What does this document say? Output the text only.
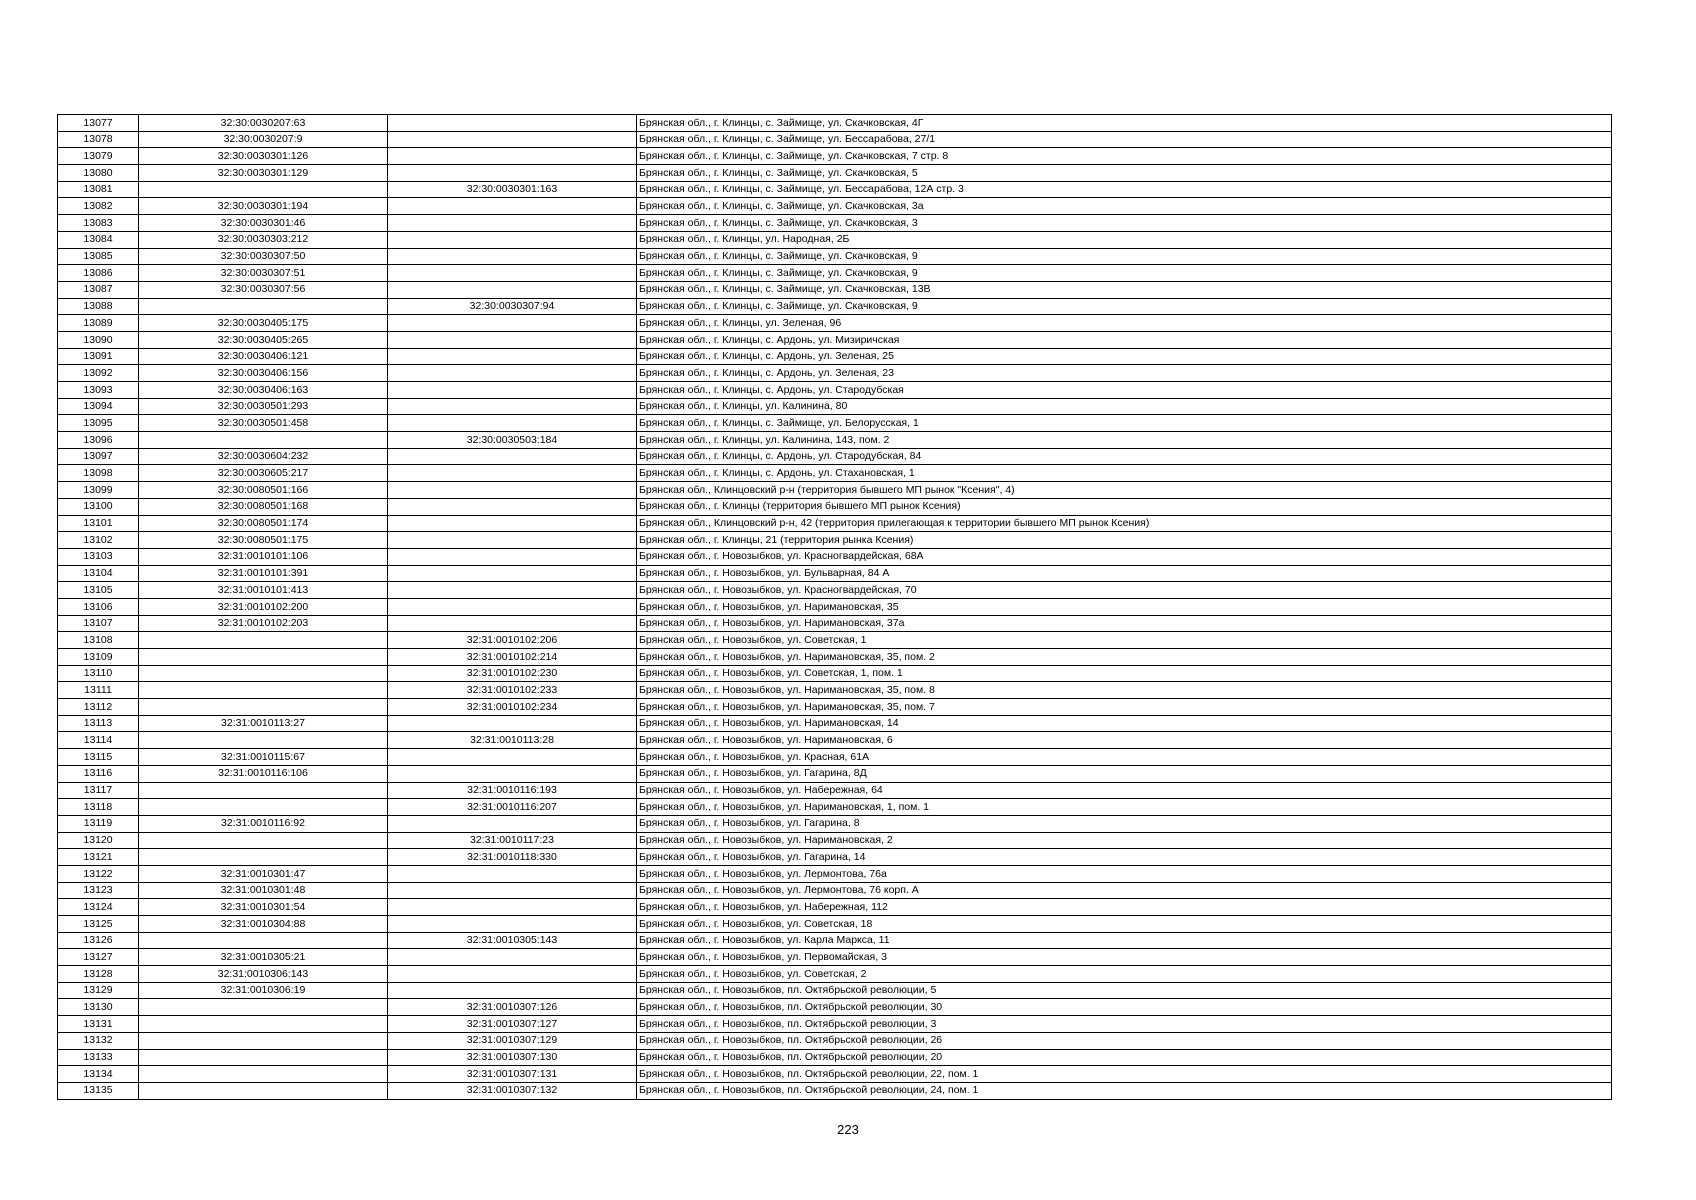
13077	32:30:0030207:63		Брянская обл., г. Клинцы, с. Займище, ул. Скачковская, 4Г
13078	32:30:0030207:9		Брянская обл., г. Клинцы, с. Займище, ул. Бессарабова, 27/1
13079	32:30:0030301:126		Брянская обл., г. Клинцы, с. Займище, ул. Скачковская, 7 стр. 8
13080	32:30:0030301:129		Брянская обл., г. Клинцы, с. Займище, ул. Скачковская, 5
13081		32:30:0030301:163	Брянская обл., г. Клинцы, с. Займище, ул. Бессарабова, 12А стр. 3
13082	32:30:0030301:194		Брянская обл., г. Клинцы, с. Займище, ул. Скачковская, 3а
13083	32:30:0030301:46		Брянская обл., г. Клинцы, с. Займище, ул. Скачковская, 3
13084	32:30:0030303:212		Брянская обл., г. Клинцы, ул. Народная, 2Б
13085	32:30:0030307:50		Брянская обл., г. Клинцы, с. Займище, ул. Скачковская, 9
13086	32:30:0030307:51		Брянская обл., г. Клинцы, с. Займище, ул. Скачковская, 9
13087	32:30:0030307:56		Брянская обл., г. Клинцы, с. Займище, ул. Скачковская, 13В
13088		32:30:0030307:94	Брянская обл., г. Клинцы, с. Займище, ул. Скачковская, 9
13089	32:30:0030405:175		Брянская обл., г. Клинцы, ул. Зеленая, 96
13090	32:30:0030405:265		Брянская обл., г. Клинцы, с. Ардонь, ул. Мизиричская
13091	32:30:0030406:121		Брянская обл., г. Клинцы, с. Ардонь, ул. Зеленая, 25
13092	32:30:0030406:156		Брянская обл., г. Клинцы, с. Ардонь, ул. Зеленая, 23
13093	32:30:0030406:163		Брянская обл., г. Клинцы, с. Ардонь, ул. Стародубская
13094	32:30:0030501:293		Брянская обл., г. Клинцы, ул. Калинина, 80
13095	32:30:0030501:458		Брянская обл., г. Клинцы, с. Займище, ул. Белорусская, 1
13096		32:30:0030503:184	Брянская обл., г. Клинцы, ул. Калинина, 143, пом. 2
13097	32:30:0030604:232		Брянская обл., г. Клинцы, с. Ардонь, ул. Стародубская, 84
13098	32:30:0030605:217		Брянская обл., г. Клинцы, с. Ардонь, ул. Стахановская, 1
13099	32:30:0080501:166		Брянская обл., Клинцовский р-н (территория бывшего МП рынок "Ксения", 4)
13100	32:30:0080501:168		Брянская обл., г. Клинцы (территория бывшего МП рынок Ксения)
13101	32:30:0080501:174		Брянская обл., Клинцовский р-н, 42 (территория прилегающая к территории бывшего МП рынок Ксения)
13102	32:30:0080501:175		Брянская обл., г. Клинцы, 21 (территория рынка Ксения)
13103	32:31:0010101:106		Брянская обл., г. Новозыбков, ул. Красногвардейская, 68А
13104	32:31:0010101:391		Брянская обл., г. Новозыбков, ул. Бульварная, 84 А
13105	32:31:0010101:413		Брянская обл., г. Новозыбков, ул. Красногвардейская, 70
13106	32:31:0010102:200		Брянская обл., г. Новозыбков, ул. Наримановская, 35
13107	32:31:0010102:203		Брянская обл., г. Новозыбков, ул. Наримановская, 37а
13108		32:31:0010102:206	Брянская обл., г. Новозыбков, ул. Советская, 1
13109		32:31:0010102:214	Брянская обл., г. Новозыбков, ул. Наримановская, 35, пом. 2
13110		32:31:0010102:230	Брянская обл., г. Новозыбков, ул. Советская, 1, пом. 1
13111		32:31:0010102:233	Брянская обл., г. Новозыбков, ул. Наримановская, 35, пом. 8
13112		32:31:0010102:234	Брянская обл., г. Новозыбков, ул. Наримановская, 35, пом. 7
13113	32:31:0010113:27		Брянская обл., г. Новозыбков, ул. Наримановская, 14
13114		32:31:0010113:28	Брянская обл., г. Новозыбков, ул. Наримановская, 6
13115	32:31:0010115:67		Брянская обл., г. Новозыбков, ул. Красная, 61А
13116	32:31:0010116:106		Брянская обл., г. Новозыбков, ул. Гагарина, 8Д
13117		32:31:0010116:193	Брянская обл., г. Новозыбков, ул. Набережная, 64
13118		32:31:0010116:207	Брянская обл., г. Новозыбков, ул. Наримановская, 1, пом. 1
13119	32:31:0010116:92		Брянская обл., г. Новозыбков, ул. Гагарина, 8
13120		32:31:0010117:23	Брянская обл., г. Новозыбков, ул. Наримановская, 2
13121		32:31:0010118:330	Брянская обл., г. Новозыбков, ул. Гагарина, 14
13122	32:31:0010301:47		Брянская обл., г. Новозыбков, ул. Лермонтова, 76а
13123	32:31:0010301:48		Брянская обл., г. Новозыбков, ул. Лермонтова, 76 корп. А
13124	32:31:0010301:54		Брянская обл., г. Новозыбков, ул. Набережная, 112
13125	32:31:0010304:88		Брянская обл., г. Новозыбков, ул. Советская, 18
13126		32:31:0010305:143	Брянская обл., г. Новозыбков, ул. Карла Маркса, 11
13127	32:31:0010305:21		Брянская обл., г. Новозыбков, ул. Первомайская, 3
13128	32:31:0010306:143		Брянская обл., г. Новозыбков, ул. Советская, 2
13129	32:31:0010306:19		Брянская обл., г. Новозыбков, пл. Октябрьской революции, 5
13130		32:31:0010307:126	Брянская обл., г. Новозыбков, пл. Октябрьской революции, 30
13131		32:31:0010307:127	Брянская обл., г. Новозыбков, пл. Октябрьской революции, 3
13132		32:31:0010307:129	Брянская обл., г. Новозыбков, пл. Октябрьской революции, 26
13133		32:31:0010307:130	Брянская обл., г. Новозыбков, пл. Октябрьской революции, 20
13134		32:31:0010307:131	Брянская обл., г. Новозыбков, пл. Октябрьской революции, 22, пом. 1
13135		32:31:0010307:132	Брянская обл., г. Новозыбков, пл. Октябрьской революции, 24, пом. 1
223
